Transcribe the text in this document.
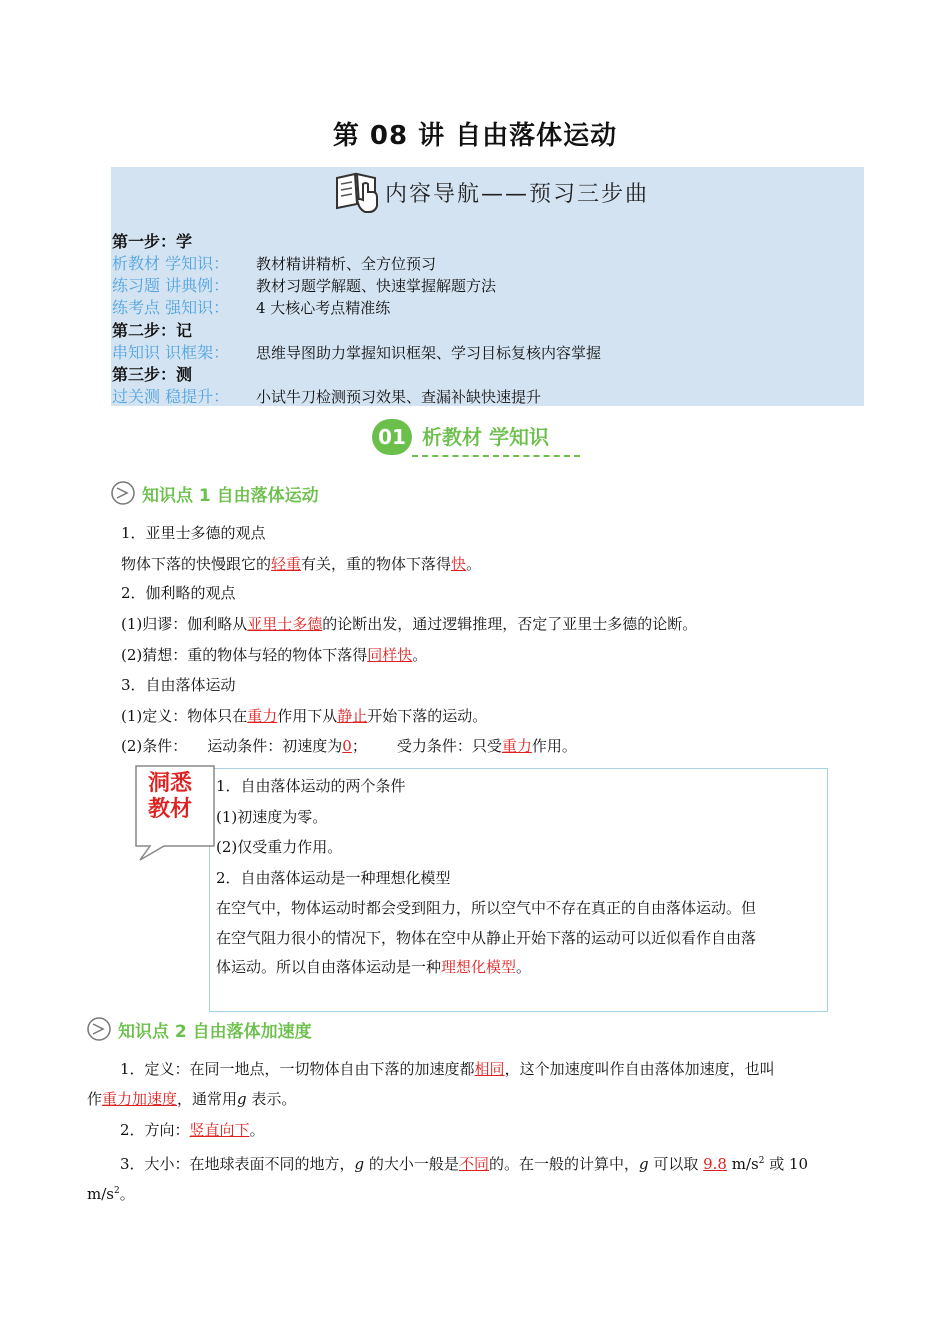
第 08 讲 自由落体运动
内容导航——预习三步曲
第一步：学
析教材 学知识： 教材精讲精析、全方位预习
练习题 讲典例： 教材习题学解题、快速掌握解题方法
练考点 强知识： 4 大核心考点精准练
第二步：记
串知识 识框架： 思维导图助力掌握知识框架、学习目标复核内容掌握
第三步：测
过关测 稳提升： 小试牛刀检测预习效果、查漏补缺快速提升
01 析教材 学知识
知识点 1 自由落体运动
1．亚里士多德的观点
物体下落的快慢跟它的轻重有关，重的物体下落得快。
2．伽利略的观点
(1)归谬：伽利略从亚里士多德的论断出发，通过逻辑推理，否定了亚里士多德的论断。
(2)猜想：重的物体与轻的物体下落得同样快。
3．自由落体运动
(1)定义：物体只在重力作用下从静止开始下落的运动。
(2)条件： 运动条件：初速度为0； 受力条件：只受重力作用。
洞悉
教材
1．自由落体运动的两个条件
(1)初速度为零。
(2)仅受重力作用。
2．自由落体运动是一种理想化模型
在空气中，物体运动时都会受到阻力，所以空气中不存在真正的自由落体运动。但
在空气阻力很小的情况下，物体在空中从静止开始下落的运动可以近似看作自由落
体运动。所以自由落体运动是一种理想化模型。
知识点 2 自由落体加速度
1．定义：在同一地点，一切物体自由下落的加速度都相同，这个加速度叫作自由落体加速度，也叫
作重力加速度，通常用g 表示。
2．方向：竖直向下。
3．大小：在地球表面不同的地方，g 的大小一般是不同的。在一般的计算中，g 可以取 9.8 $m/s^2$ 或 10
$m/s^2$。
